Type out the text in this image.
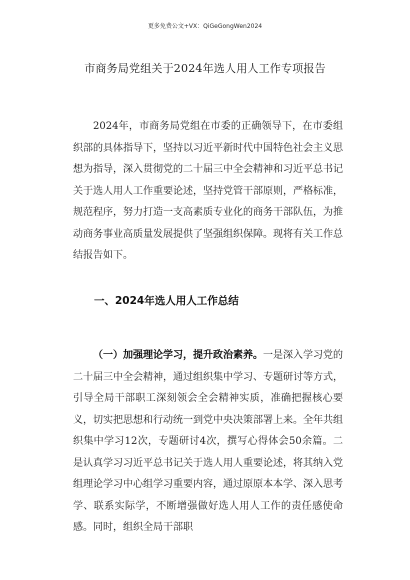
更多免费公文+VX：QiGeGongWen2024
市商务局党组关于2024年选人用人工作专项报告

2024年，市商务局党组在市委的正确领导下，在市委组织部的具体指导下，坚持以习近平新时代中国特色社会主义思想为指导，深入贯彻党的二十届三中全会精神和习近平总书记关于选人用人工作重要论述，坚持党管干部原则，严格标准，规范程序，努力打造一支高素质专业化的商务干部队伍，为推动商务事业高质量发展提供了坚强组织保障。现将有关工作总结报告如下。

一、2024年选人用人工作总结

（一）加强理论学习，提升政治素养。一是深入学习党的二十届三中全会精神，通过组织集中学习、专题研讨等方式，引导全局干部职工深刻领会全会精神实质，准确把握核心要义，切实把思想和行动统一到党中央决策部署上来。全年共组织集中学习12次，专题研讨4次，撰写心得体会50余篇。二是认真学习习近平总书记关于选人用人重要论述，将其纳入党组理论学习中心组学习重要内容，通过原原本本学、深入思考学、联系实际学，不断增强做好选人用人工作的责任感使命感。同时，组织全局干部职
